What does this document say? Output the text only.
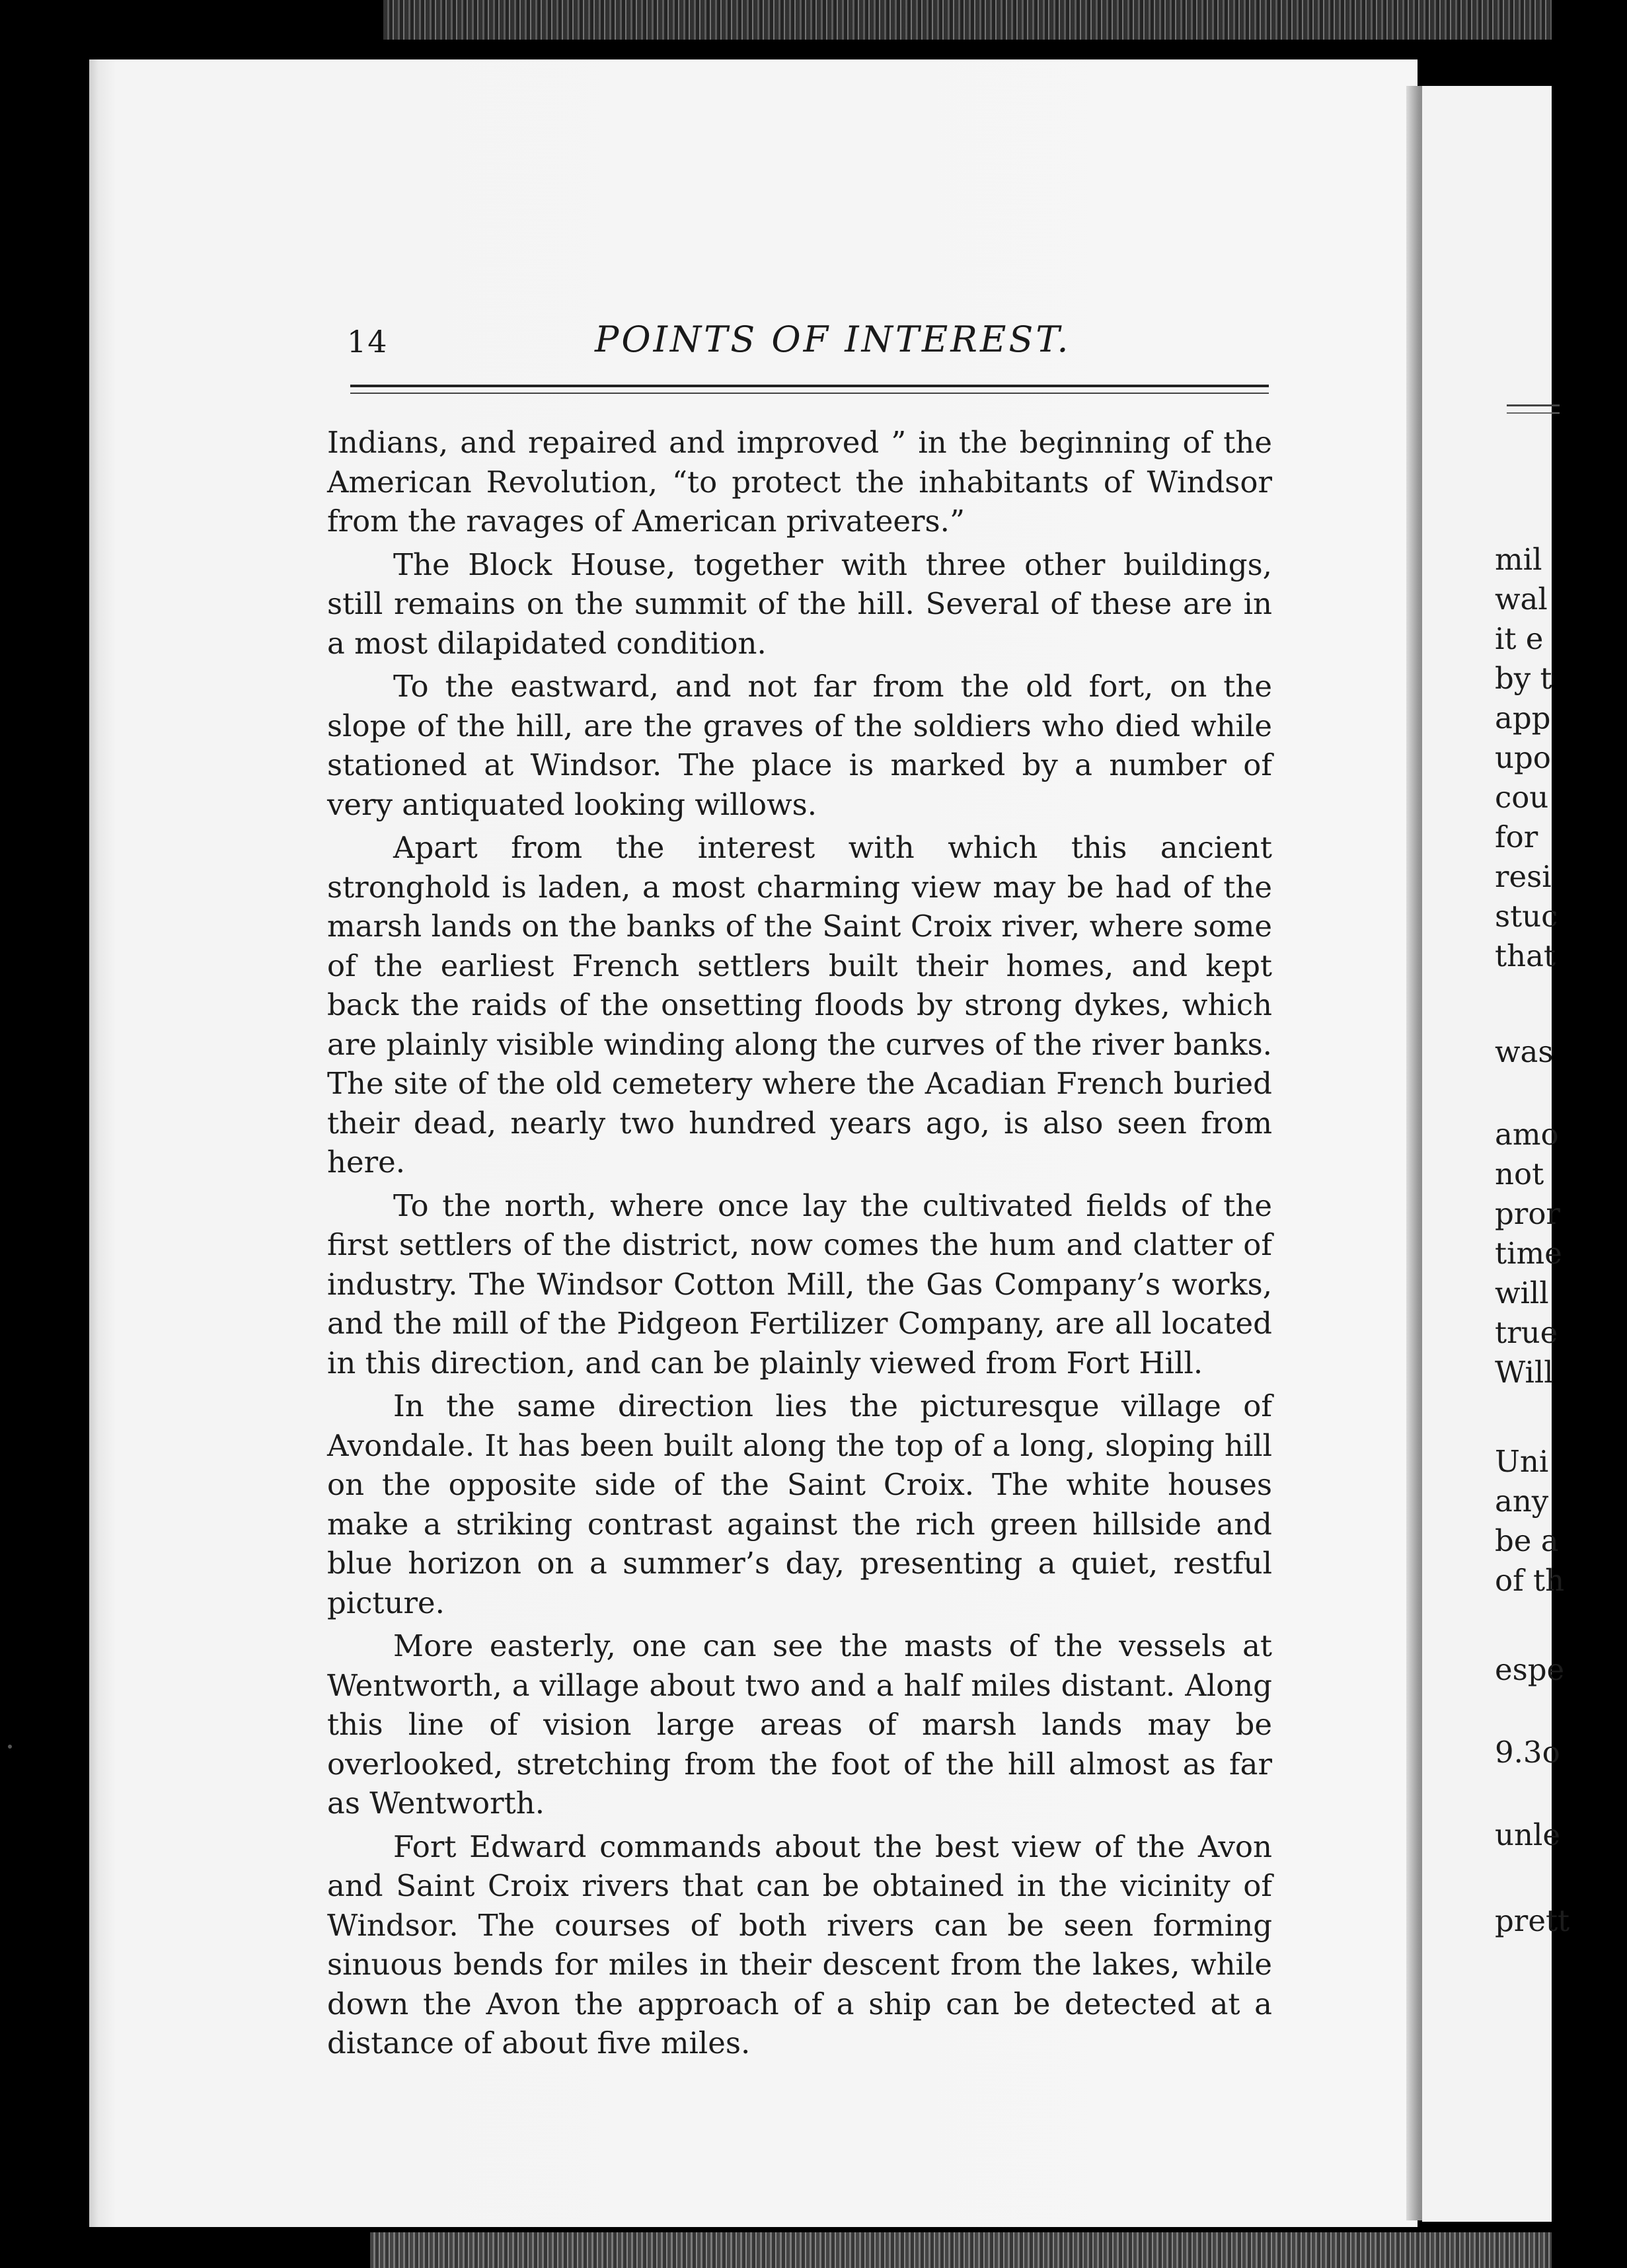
14	POINTS OF INTEREST.

Indians, and repaired and improved ” in the beginning of the American Revolution, “to protect the inhabitants of Windsor from the ravages of American privateers.”

The Block House, together with three other buildings, still remains on the summit of the hill. Several of these are in a most dilapidated condition.

To the eastward, and not far from the old fort, on the slope of the hill, are the graves of the soldiers who died while stationed at Windsor. The place is marked by a number of very antiquated looking willows.

Apart from the interest with which this ancient stronghold is laden, a most charming view may be had of the marsh lands on the banks of the Saint Croix river, where some of the earliest French settlers built their homes, and kept back the raids of the onsetting floods by strong dykes, which are plainly visible winding along the curves of the river banks. The site of the old cemetery where the Acadian French buried their dead, nearly two hundred years ago, is also seen from here.

To the north, where once lay the cultivated fields of the first settlers of the district, now comes the hum and clatter of industry. The Windsor Cotton Mill, the Gas Company’s works, and the mill of the Pidgeon Fertilizer Company, are all located in this direction, and can be plainly viewed from Fort Hill.

In the same direction lies the picturesque village of Avondale. It has been built along the top of a long, sloping hill on the opposite side of the Saint Croix. The white houses make a striking contrast against the rich green hillside and blue horizon on a summer’s day, presenting a quiet, restful picture.

More easterly, one can see the masts of the vessels at Wentworth, a village about two and a half miles distant. Along this line of vision large areas of marsh lands may be overlooked, stretching from the foot of the hill almost as far as Wentworth.

Fort Edward commands about the best view of the Avon and Saint Croix rivers that can be obtained in the vicinity of Windsor. The courses of both rivers can be seen forming sinuous bends for miles in their descent from the lakes, while down the Avon the approach of a ship can be detected at a distance of about five miles.

mil
wal
it e
by t
app
upo
cou
for
resi
stuc
that
was
amo
not
pror
time
will
true
Will
Uni
any
be a
of th
espe
9.3o
unle
prett
